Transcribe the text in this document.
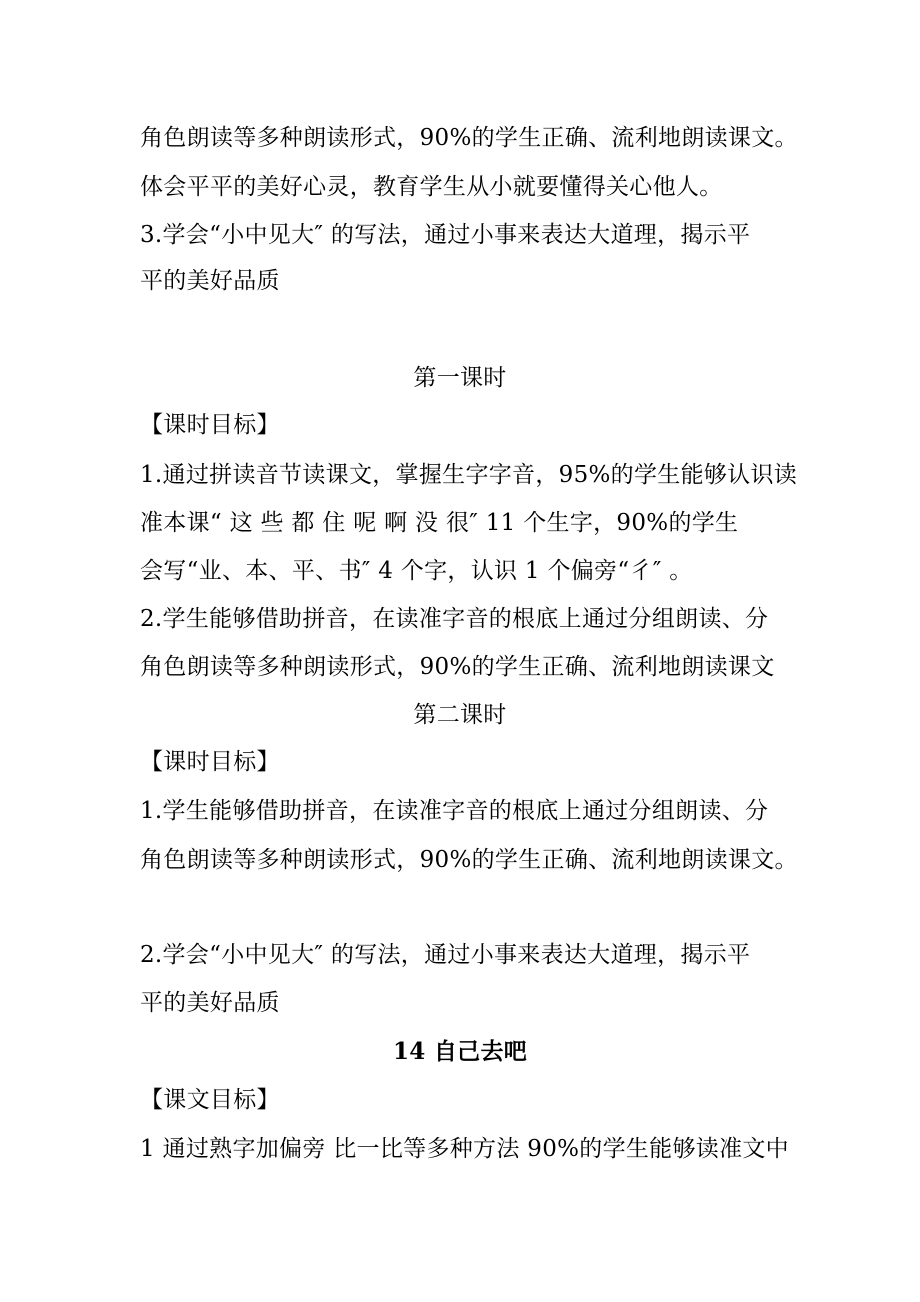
角色朗读等多种朗读形式，90%的学生正确、流利地朗读课文。
体会平平的美好心灵，教育学生从小就要懂得关心他人。
3.学会“小中见大″ 的写法，通过小事来表达大道理，揭示平
平的美好品质
第一课时
【课时目标】
1.通过拼读音节读课文，掌握生字字音，95%的学生能够认识读
准本课“ 这 些 都 住 呢 啊 没 很″ 11 个生字，90%的学生
会写“业、本、平、书″ 4 个字，认识 1 个偏旁“彳″ 。
2.学生能够借助拼音，在读准字音的根底上通过分组朗读、分
角色朗读等多种朗读形式，90%的学生正确、流利地朗读课文
第二课时
【课时目标】
1.学生能够借助拼音，在读准字音的根底上通过分组朗读、分
角色朗读等多种朗读形式，90%的学生正确、流利地朗读课文。
2.学会“小中见大″ 的写法，通过小事来表达大道理，揭示平
平的美好品质
14 自己去吧
【课文目标】
1 通过熟字加偏旁 比一比等多种方法 90%的学生能够读准文中
